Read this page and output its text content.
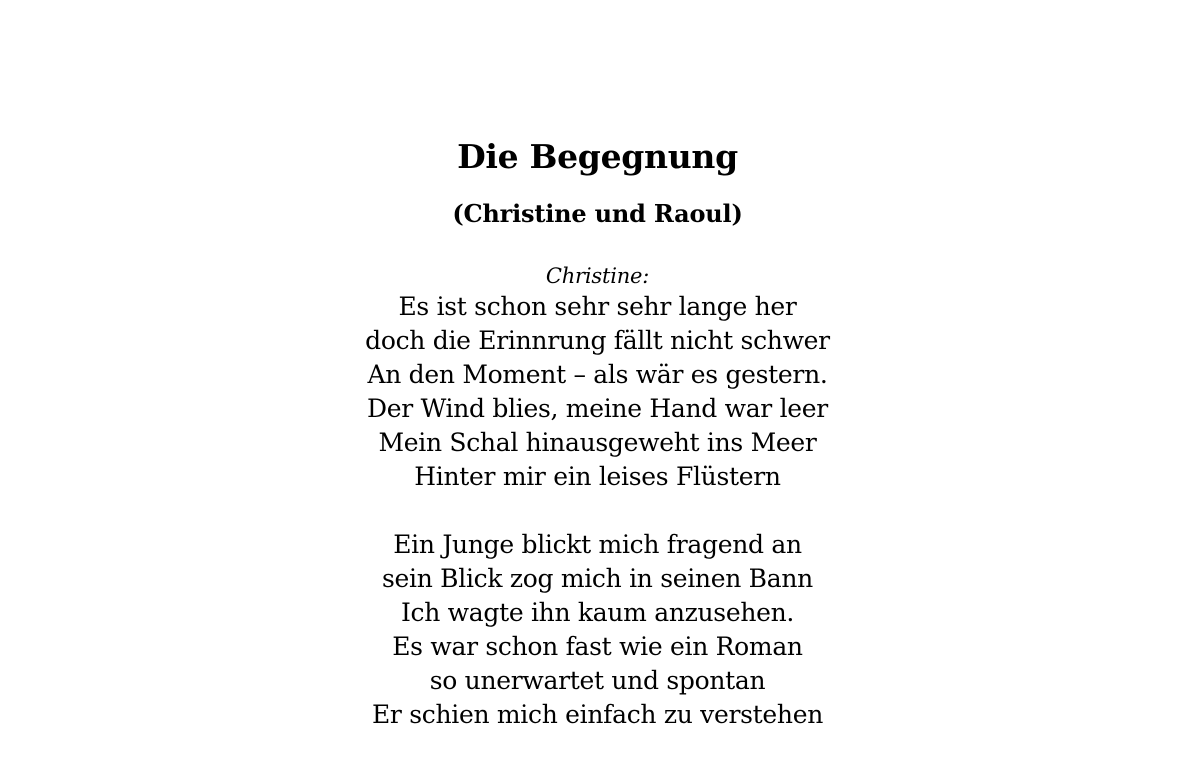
Die Begegnung
(Christine und Raoul)

Christine:

Es ist schon sehr sehr lange her
doch die Erinnrung fällt nicht schwer
An den Moment – als wär es gestern.
Der Wind blies, meine Hand war leer
Mein Schal hinausgeweht ins Meer
Hinter mir ein leises Flüstern
Ein Junge blickt mich fragend an
sein Blick zog mich in seinen Bann
Ich wagte ihn kaum anzusehen.
Es war schon fast wie ein Roman
so unerwartet und spontan
Er schien mich einfach zu verstehen
